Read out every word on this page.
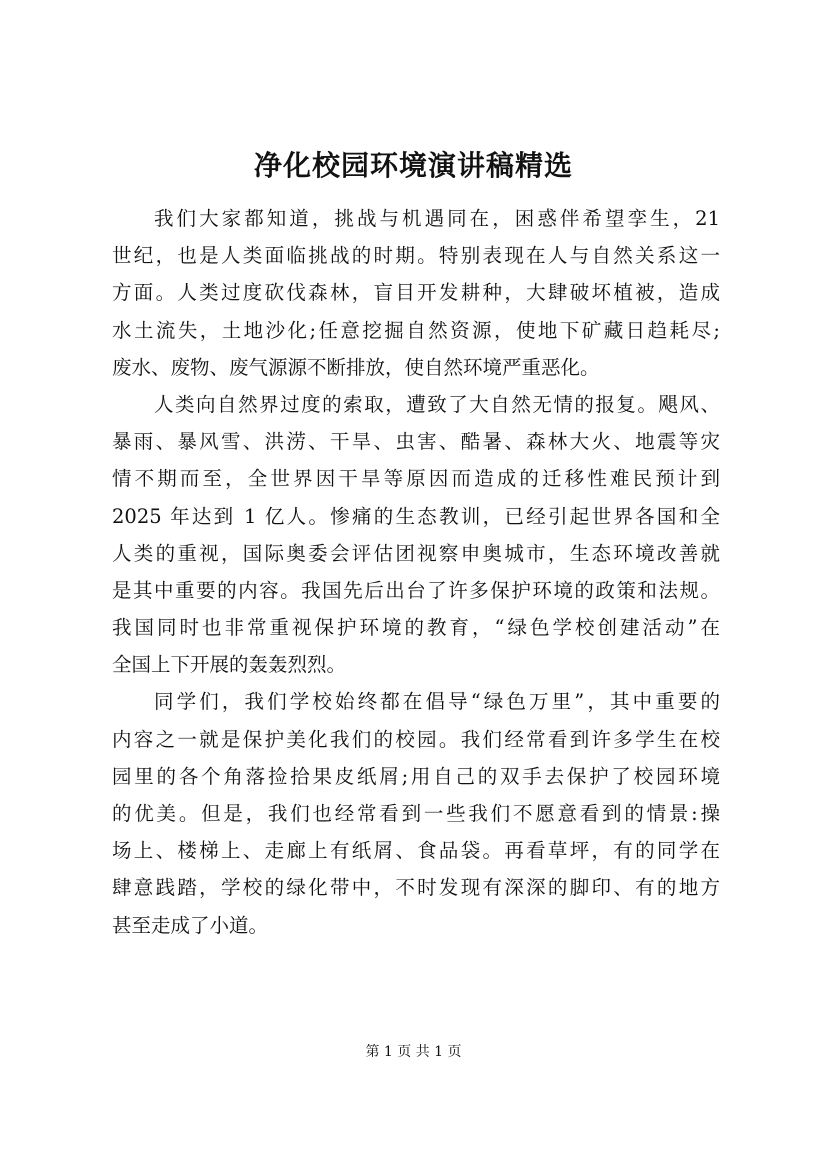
净化校园环境演讲稿精选
我们大家都知道，挑战与机遇同在，困惑伴希望孪生，21
世纪，也是人类面临挑战的时期。特别表现在人与自然关系这一
方面。人类过度砍伐森林，盲目开发耕种，大肆破坏植被，造成
水土流失，土地沙化;任意挖掘自然资源，使地下矿藏日趋耗尽;
废水、废物、废气源源不断排放，使自然环境严重恶化。
人类向自然界过度的索取，遭致了大自然无情的报复。飓风、
暴雨、暴风雪、洪涝、干旱、虫害、酷暑、森林大火、地震等灾
情不期而至，全世界因干旱等原因而造成的迁移性难民预计到
2025 年达到 1 亿人。惨痛的生态教训，已经引起世界各国和全
人类的重视，国际奥委会评估团视察申奥城市，生态环境改善就
是其中重要的内容。我国先后出台了许多保护环境的政策和法规。
我国同时也非常重视保护环境的教育，“绿色学校创建活动”在
全国上下开展的轰轰烈烈。
同学们，我们学校始终都在倡导“绿色万里”，其中重要的
内容之一就是保护美化我们的校园。我们经常看到许多学生在校
园里的各个角落捡拾果皮纸屑;用自己的双手去保护了校园环境
的优美。但是，我们也经常看到一些我们不愿意看到的情景:操
场上、楼梯上、走廊上有纸屑、食品袋。再看草坪，有的同学在
肆意践踏，学校的绿化带中，不时发现有深深的脚印、有的地方
甚至走成了小道。
第 1 页 共 1 页
